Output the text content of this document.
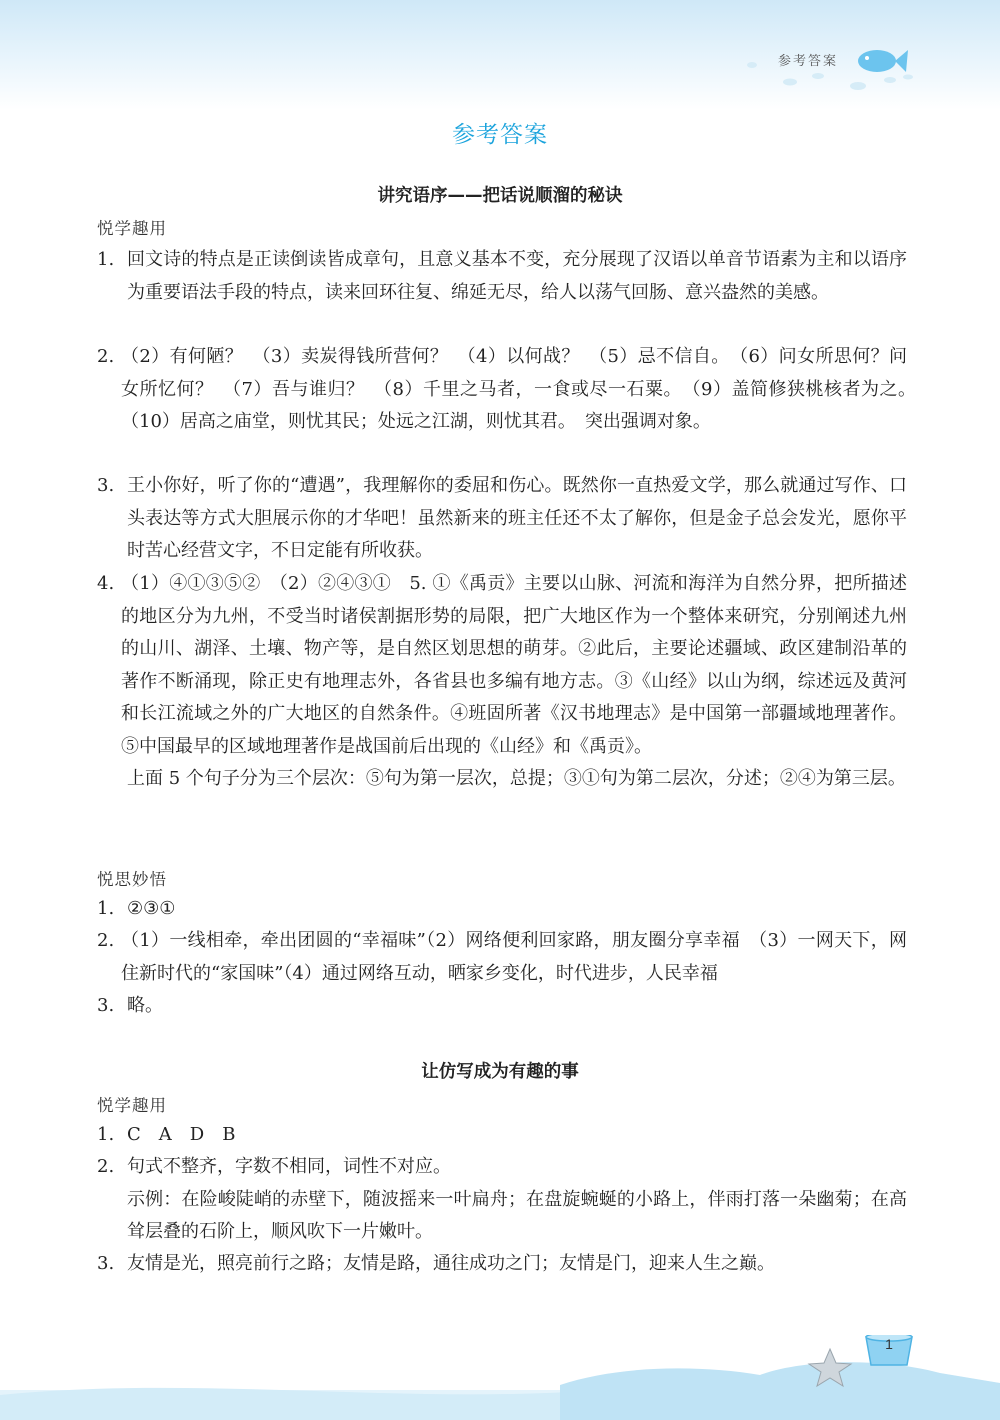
参考答案
1
参考答案
讲究语序——把话说顺溜的秘诀
悦学趣用
1. 回文诗的特点是正读倒读皆成章句，且意义基本不变，充分展现了汉语以单音节语素为主和以语序为重要语法手段的特点，读来回环往复、绵延无尽，给人以荡气回肠、意兴盎然的美感。
2. （2）有何陋？　（3）卖炭得钱所营何？　（4）以何战？　（5）忌不信自。　（6）问女所思何？问女所忆何？　（7）吾与谁归？　（8）千里之马者，一食或尽一石粟。　（9）盖简修狭桃核者为之。　（10）居高之庙堂，则忧其民；处远之江湖，则忧其君。　突出强调对象。
3. 王小你好，听了你的“遭遇”，我理解你的委屈和伤心。既然你一直热爱文学，那么就通过写作、口头表达等方式大胆展示你的才华吧！虽然新来的班主任还不太了解你，但是金子总会发光，愿你平时苦心经营文字，不日定能有所收获。
4. （1）④①③⑤②　（2）②④③①　5. ①《禹贡》主要以山脉、河流和海洋为自然分界，把所描述的地区分为九州，不受当时诸侯割据形势的局限，把广大地区作为一个整体来研究，分别阐述九州的山川、湖泽、土壤、物产等，是自然区划思想的萌芽。②此后，主要论述疆域、政区建制沿革的著作不断涌现，除正史有地理志外，各省县也多编有地方志。③《山经》以山为纲，综述远及黄河和长江流域之外的广大地区的自然条件。④班固所著《汉书地理志》是中国第一部疆域地理著作。⑤中国最早的区域地理著作是战国前后出现的《山经》和《禹贡》。
上面 5 个句子分为三个层次：⑤句为第一层次，总提；③①句为第二层次，分述；②④为第三层。
悦思妙悟
1. ②③①
2. （1）一线相牵，牵出团圆的“幸福味”（2）网络便利回家路，朋友圈分享幸福　（3）一网天下，网住新时代的“家国味”（4）通过网络互动，晒家乡变化，时代进步，人民幸福
3. 略。
让仿写成为有趣的事
悦学趣用
1. C　A　D　B
2. 句式不整齐，字数不相同，词性不对应。
示例：在险峻陡峭的赤壁下，随波摇来一叶扁舟；在盘旋蜿蜒的小路上，伴雨打落一朵幽菊；在高耸层叠的石阶上，顺风吹下一片嫩叶。
3. 友情是光，照亮前行之路；友情是路，通往成功之门；友情是门，迎来人生之巅。
